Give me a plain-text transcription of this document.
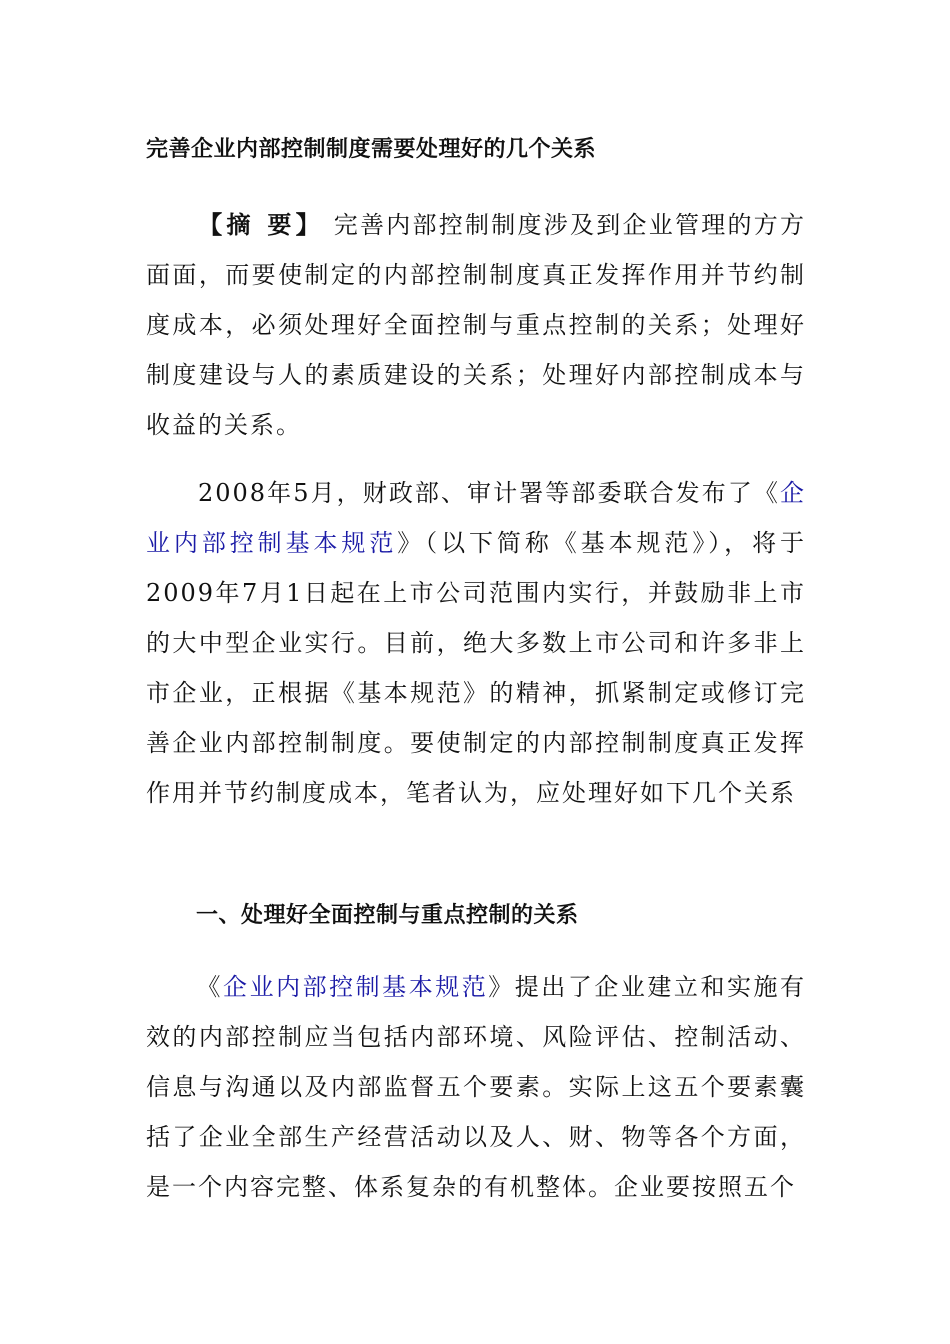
完善企业内部控制制度需要处理好的几个关系
【摘 要】 完善内部控制制度涉及到企业管理的方方面面，而要使制定的内部控制制度真正发挥作用并节约制度成本，必须处理好全面控制与重点控制的关系；处理好制度建设与人的素质建设的关系；处理好内部控制成本与收益的关系。
2008年5月，财政部、审计署等部委联合发布了《企业内部控制基本规范》（以下简称《基本规范》），将于2009年7月1日起在上市公司范围内实行，并鼓励非上市的大中型企业实行。目前，绝大多数上市公司和许多非上市企业，正根据《基本规范》的精神，抓紧制定或修订完善企业内部控制制度。要使制定的内部控制制度真正发挥作用并节约制度成本，笔者认为，应处理好如下几个关系
一、处理好全面控制与重点控制的关系
《企业内部控制基本规范》提出了企业建立和实施有效的内部控制应当包括内部环境、风险评估、控制活动、信息与沟通以及内部监督五个要素。实际上这五个要素囊括了企业全部生产经营活动以及人、财、物等各个方面，是一个内容完整、体系复杂的有机整体。企业要按照五个
